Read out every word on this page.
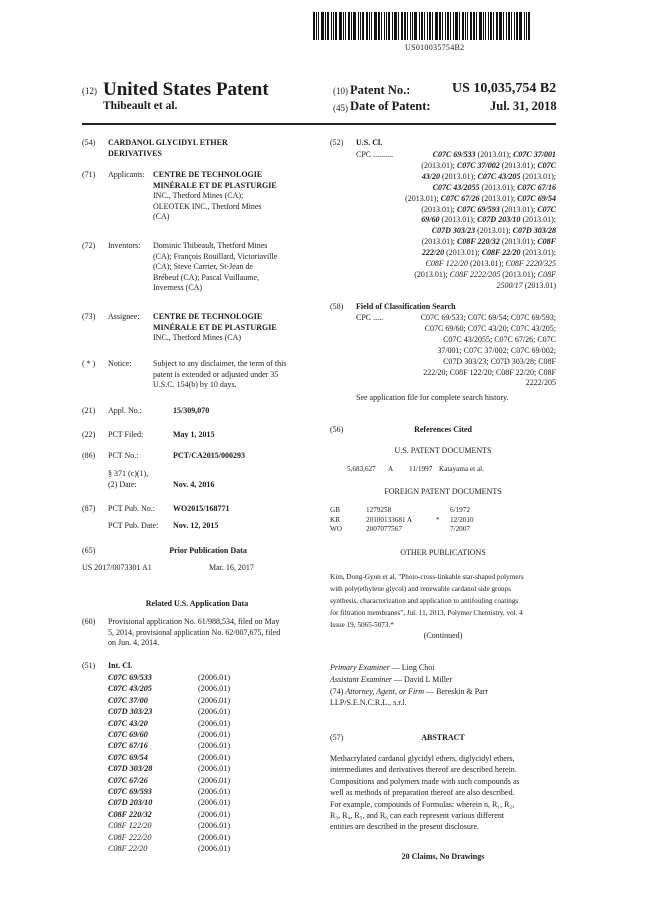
US010035754B2
(12) United States Patent
Thibeault et al.
(10) Patent No.:	US 10,035,754 B2
(45) Date of Patent:	Jul. 31, 2018
(54) CARDANOL GLYCIDYL ETHER
DERIVATIVES
(71) Applicants: CENTRE DE TECHNOLOGIE
MINÉRALE ET DE PLASTURGIE
INC., Thetford Mines (CA);
OLEOTEK INC., Thetford Mines
(CA)
(72) Inventors: Dominic Thibeault, Thetford Mines
(CA); François Rouillard, Victoriaville
(CA); Steve Carrier, St-Jean de
Brébeuf (CA); Pascal Vuillaume,
Inverness (CA)
(73) Assignee: CENTRE DE TECHNOLOGIE
MINÉRALE ET DE PLASTURGIE
INC., Thetford Mines (CA)
( * ) Notice:	Subject to any disclaimer, the term of this
patent is extended or adjusted under 35
U.S.C. 154(b) by 10 days.
(21) Appl. No.:	15/309,070
(22) PCT Filed:	May 1, 2015
(86) PCT No.:	PCT/CA2015/000293
§ 371 (c)(1),
(2) Date:	Nov. 4, 2016
(87) PCT Pub. No.: WO2015/168771
PCT Pub. Date: Nov. 12, 2015
(65)	Prior Publication Data
US 2017/0073301 A1	Mar. 16, 2017
Related U.S. Application Data
(60) Provisional application No. 61/988,534, filed on May
5, 2014, provisional application No. 62/007,675, filed
on Jun. 4, 2014.
(51) Int. Cl.
C07C 69/533	(2006.01)
C07C 43/205	(2006.01)
C07C 37/00	(2006.01)
C07D 303/23	(2006.01)
C07C 43/20	(2006.01)
C07C 69/60	(2006.01)
C07C 67/16	(2006.01)
C07C 69/54	(2006.01)
C07D 303/28	(2006.01)
C07C 67/26	(2006.01)
C07C 69/593	(2006.01)
C07D 203/10	(2006.01)
C08F 220/32	(2006.01)
C08F 122/20	(2006.01)
C08F 222/20	(2006.01)
C08F 22/20	(2006.01)
(52) U.S. Cl.
CPC ..........	C07C 69/533 (2013.01); C07C 37/001
(2013.01); C07C 37/002 (2013.01); C07C
43/20 (2013.01); C07C 43/205 (2013.01);
C07C 43/2055 (2013.01); C07C 67/16
(2013.01); C07C 67/26 (2013.01); C07C 69/54
(2013.01); C07C 69/593 (2013.01); C07C
69/60 (2013.01); C07D 203/10 (2013.01);
C07D 303/23 (2013.01); C07D 303/28
(2013.01); C08F 220/32 (2013.01); C08F
222/20 (2013.01); C08F 22/20 (2013.01);
C08F 122/20 (2013.01); C08F 2220/325
(2013.01); C08F 2222/205 (2013.01); C08F
2500/17 (2013.01)
(58) Field of Classification Search
CPC .....	C07C 69/533; C07C 69/54; C07C 69/593;
C07C 69/60; C07C 43/20; C07C 43/205;
C07C 43/2055; C07C 67/26; C07C
37/001; C07C 37/002; C07C 69/002;
C07D 303/23; C07D 303/28; C08F
222/20; C08F 122/20; C08F 22/20; C08F
2222/205
See application file for complete search history.
(56)	References Cited
U.S. PATENT DOCUMENTS
5,683,627 A 11/1997 Katayama et al.
FOREIGN PATENT DOCUMENTS
GB	1279258	6/1972
KR	20100133681 A	* 12/2010
WO	2007077567	7/2007
OTHER PUBLICATIONS
Kim, Dong-Gyun et al, "Photo-cross-linkable star-shaped polymers
with poly(ethylene glycol) and renewable cardanol side groups
synthesis, characterization and application to antifouling coatings
for filtration membranes", Jul. 11, 2013, Polymer Chemistry, vol. 4
Issue 19, 5065-5073.*
(Continued)
Primary Examiner — Ling Choi
Assistant Examiner — David L Miller
(74) Attorney, Agent, or Firm — Bereskin & Parr
LLP/S.E.N.C.R.L., s.r.l.
(57)	ABSTRACT
Methacrylated cardanol glycidyl ethers, diglycidyl ethers,
intermediates and derivatives thereof are described herein.
Compositions and polymers made with such compounds as
well as methods of preparation thereof are also described.
For example, compounds of Formulas: wherein n, R₁, R₂,
R₃, R₄, R₅, and R₆ can each represent various different
entities are described in the present disclosure.
20 Claims, No Drawings
